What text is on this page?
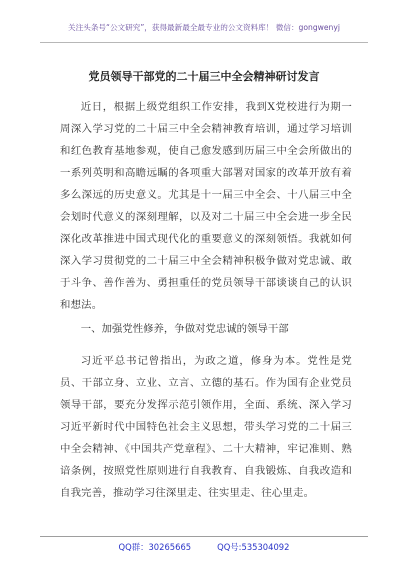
关注头条号“公文研究”，获得最新最全最专业的公文资料库！ 微信：gongwenyj
党员领导干部党的二十届三中全会精神研讨发言

近日，根据上级党组织工作安排，我到X党校进行为期一周深入学习党的二十届三中全会精神教育培训，通过学习培训和红色教育基地参观，使自己愈发感到历届三中全会所做出的一系列英明和高瞻远瞩的各项重大部署对国家的改革开放有着多么深远的历史意义。尤其是十一届三中全会、十八届三中全会划时代意义的深刻理解，以及对二十届三中全会进一步全民深化改革推进中国式现代化的重要意义的深刻领悟。我就如何深入学习贯彻党的二十届三中全会精神积极争做对党忠诚、敢于斗争、善作善为、勇担重任的党员领导干部谈谈自己的认识和想法。

一、加强党性修养，争做对党忠诚的领导干部

习近平总书记曾指出，为政之道，修身为本。党性是党员、干部立身、立业、立言、立德的基石。作为国有企业党员领导干部，要充分发挥示范引领作用，全面、系统、深入学习习近平新时代中国特色社会主义思想，带头学习党的二十届三中全会精神、《中国共产党章程》、二十大精神，牢记准则、熟谙条例，按照党性原则进行自我教育、自我锻炼、自我改造和自我完善，推动学习往深里走、往实里走、往心里走。

QQ群：30265665	QQ号:535304092
